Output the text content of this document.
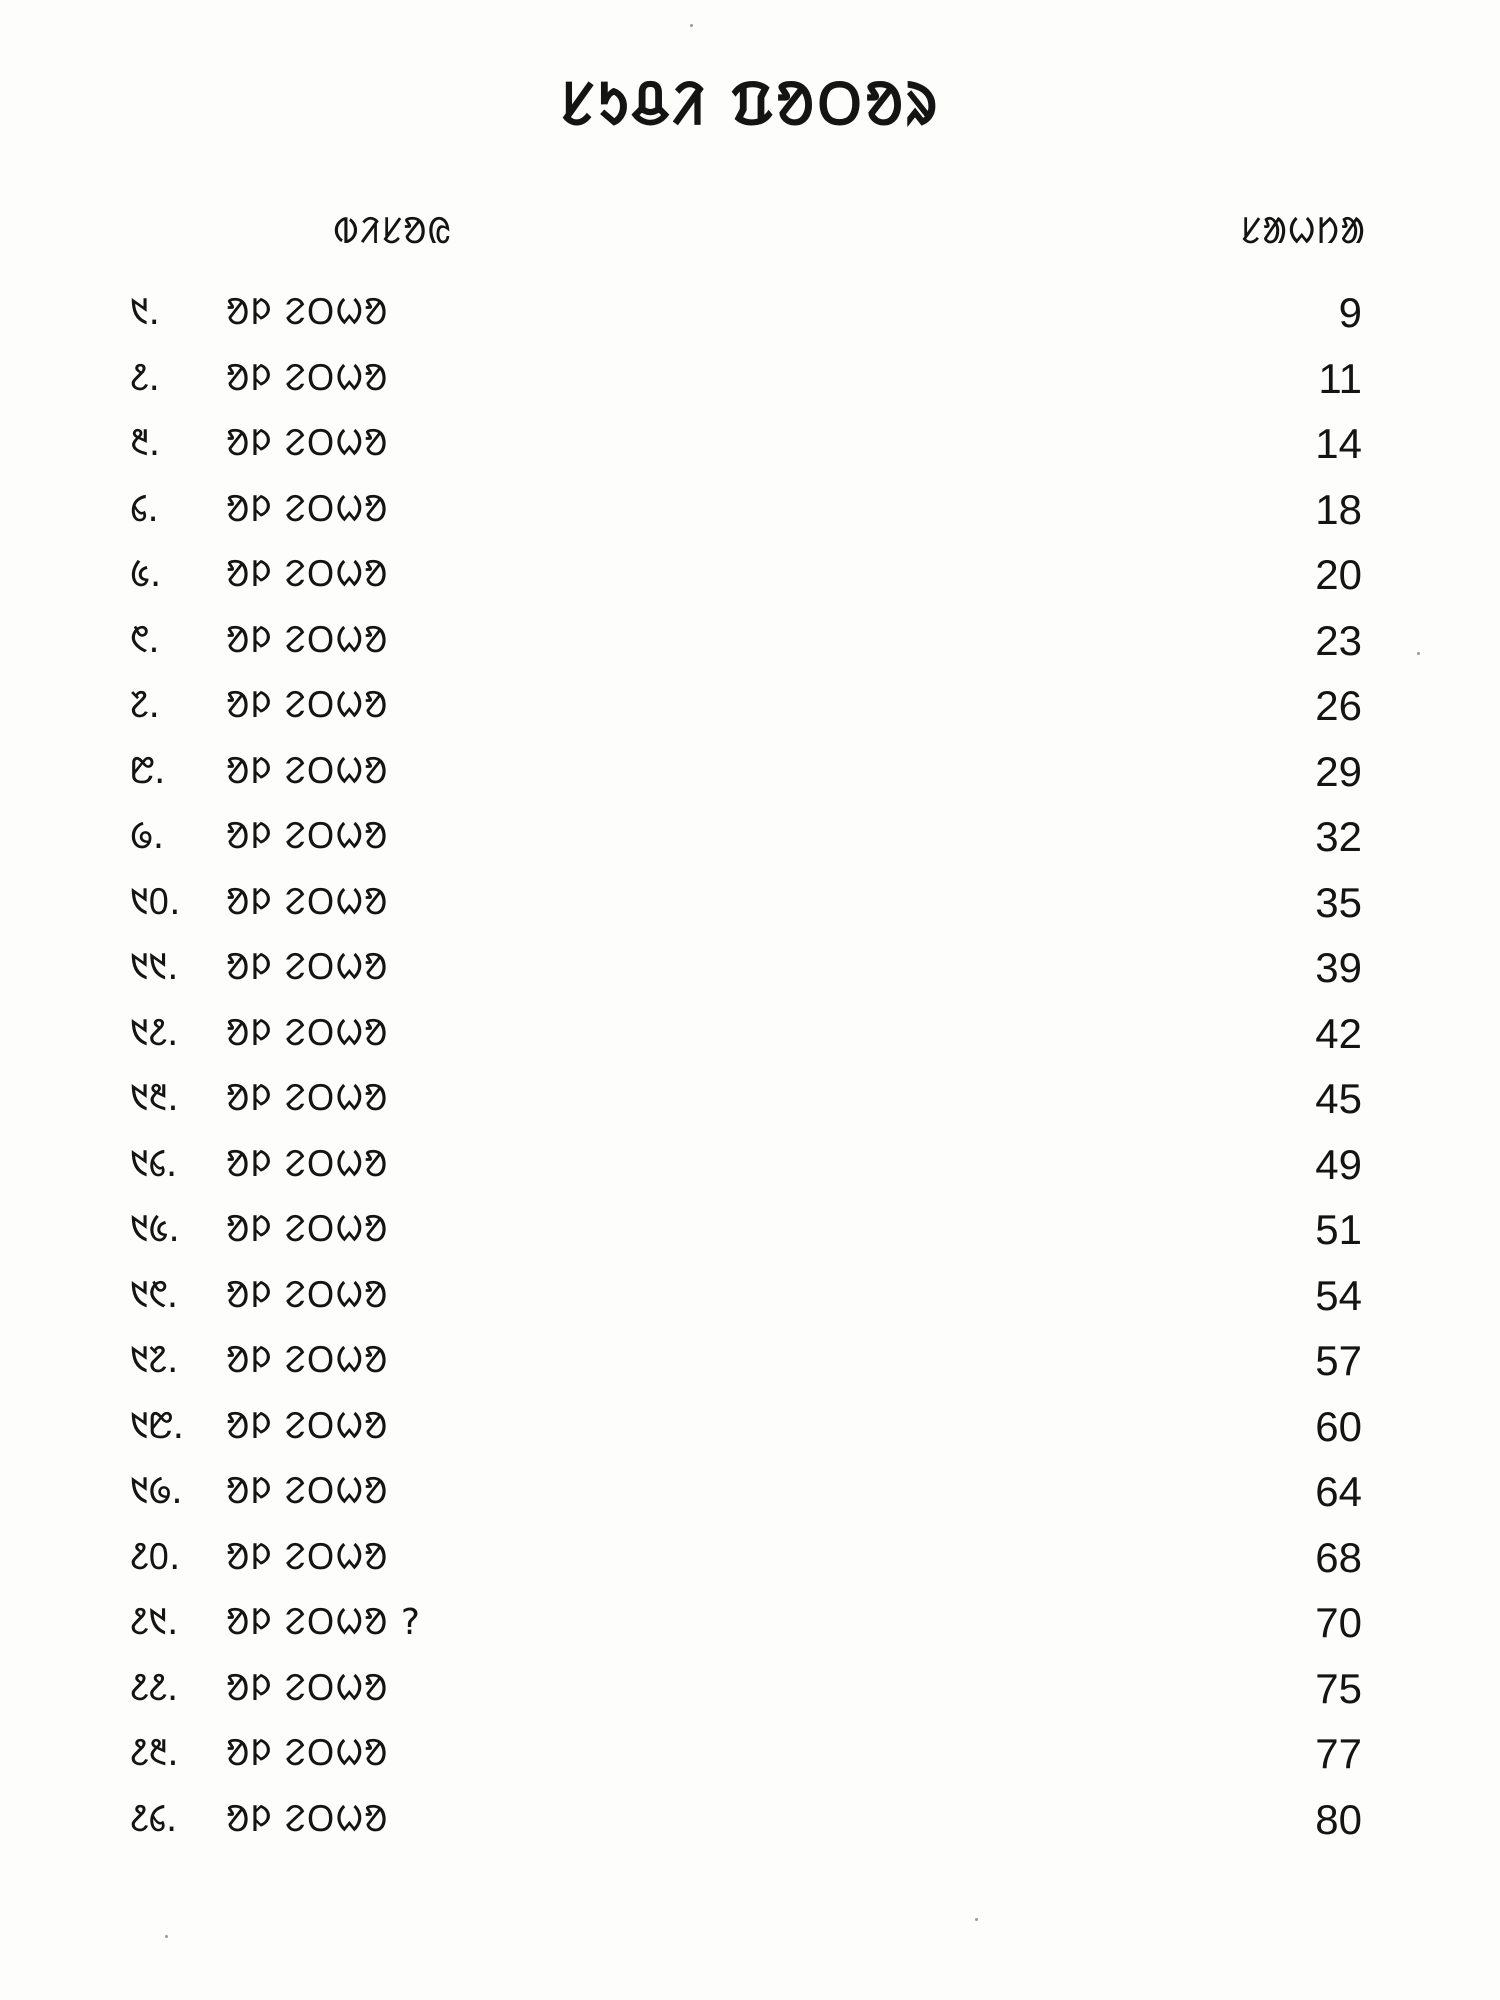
ᱥᱩᱪᱤ ᱯᱚᱛᱚᱨ
ᱵᱤᱥᱚᱭ	ᱥᱟᱦᱴᱟ
᱑.	ᱚᱞ ᱮᱛᱦᱚ	9
᱒.	ᱚᱞ ᱮᱛᱦᱚ	11
᱓.	ᱚᱞ ᱮᱛᱦᱚ	14
᱔.	ᱚᱞ ᱮᱛᱦᱚ	18
᱕.	ᱚᱞ ᱮᱛᱦᱚ	20
᱖.	ᱚᱞ ᱮᱛᱦᱚ	23
᱗.	ᱚᱞ ᱮᱛᱦᱚ	26
᱘.	ᱚᱞ ᱮᱛᱦᱚ	29
᱙.	ᱚᱞ ᱮᱛᱦᱚ	32
᱑᱐.	ᱚᱞ ᱮᱛᱦᱚ	35
᱑᱑.	ᱚᱞ ᱮᱛᱦᱚ	39
᱑᱒.	ᱚᱞ ᱮᱛᱦᱚ	42
᱑᱓.	ᱚᱞ ᱮᱛᱦᱚ	45
᱑᱔.	ᱚᱞ ᱮᱛᱦᱚ	49
᱑᱕.	ᱚᱞ ᱮᱛᱦᱚ	51
᱑᱖.	ᱚᱞ ᱮᱛᱦᱚ	54
᱑᱗.	ᱚᱞ ᱮᱛᱦᱚ	57
᱑᱘.	ᱚᱞ ᱮᱛᱦᱚ	60
᱑᱙.	ᱚᱞ ᱮᱛᱦᱚ	64
᱒᱐.	ᱚᱞ ᱮᱛᱦᱚ	68
᱒᱑.	ᱚᱞ ᱮᱛᱦᱚ ?	70
᱒᱒.	ᱚᱞ ᱮᱛᱦᱚ	75
᱒᱓.	ᱚᱞ ᱮᱛᱦᱚ	77
᱒᱔.	ᱚᱞ ᱮᱛᱦᱚ	80
